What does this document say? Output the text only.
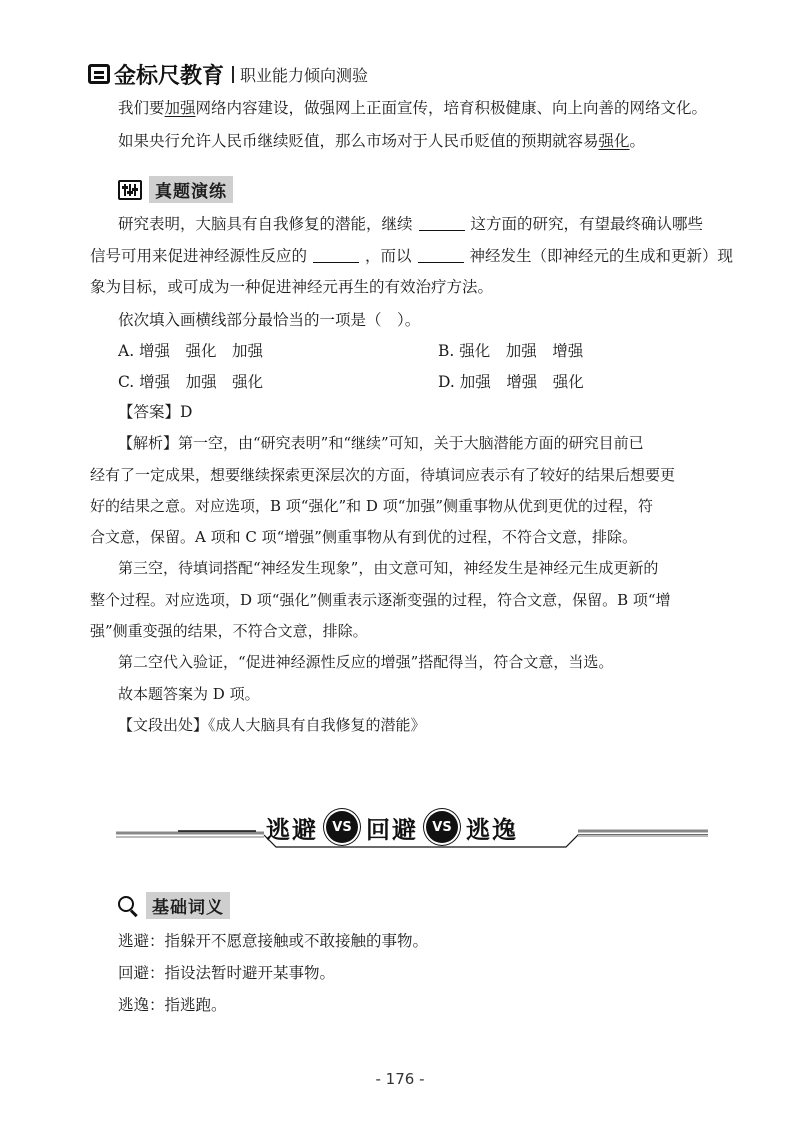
金标尺教育 职业能力倾向测验
我们要加强网络内容建设，做强网上正面宣传，培育积极健康、向上向善的网络文化。
如果央行允许人民币继续贬值，那么市场对于人民币贬值的预期就容易强化。
真题演练
研究表明，大脑具有自我修复的潜能，继续	这方面的研究，有望最终确认哪些
信号可用来促进神经源性反应的	，而以	神经发生（即神经元的生成和更新）现
象为目标，或可成为一种促进神经元再生的有效治疗方法。
依次填入画横线部分最恰当的一项是（　）。
A. 增强　强化　加强	B. 强化　加强　增强
C. 增强　加强　强化	D. 加强　增强　强化
【答案】D
【解析】第一空，由“研究表明”和“继续”可知，关于大脑潜能方面的研究目前已
经有了一定成果，想要继续探索更深层次的方面，待填词应表示有了较好的结果后想要更
好的结果之意。对应选项，B 项“强化”和 D 项“加强”侧重事物从优到更优的过程，符
合文意，保留。A 项和 C 项“增强”侧重事物从有到优的过程，不符合文意，排除。
第三空，待填词搭配“神经发生现象”，由文意可知，神经发生是神经元生成更新的
整个过程。对应选项，D 项“强化”侧重表示逐渐变强的过程，符合文意，保留。B 项“增
强”侧重变强的结果，不符合文意，排除。
第二空代入验证，“促进神经源性反应的增强”搭配得当，符合文意，当选。
故本题答案为 D 项。
【文段出处】《成人大脑具有自我修复的潜能》
逃避	VS 回避	VS 逃逸
基础词义
逃避：指躲开不愿意接触或不敢接触的事物。
回避：指设法暂时避开某事物。
逃逸：指逃跑。
- 176 -
